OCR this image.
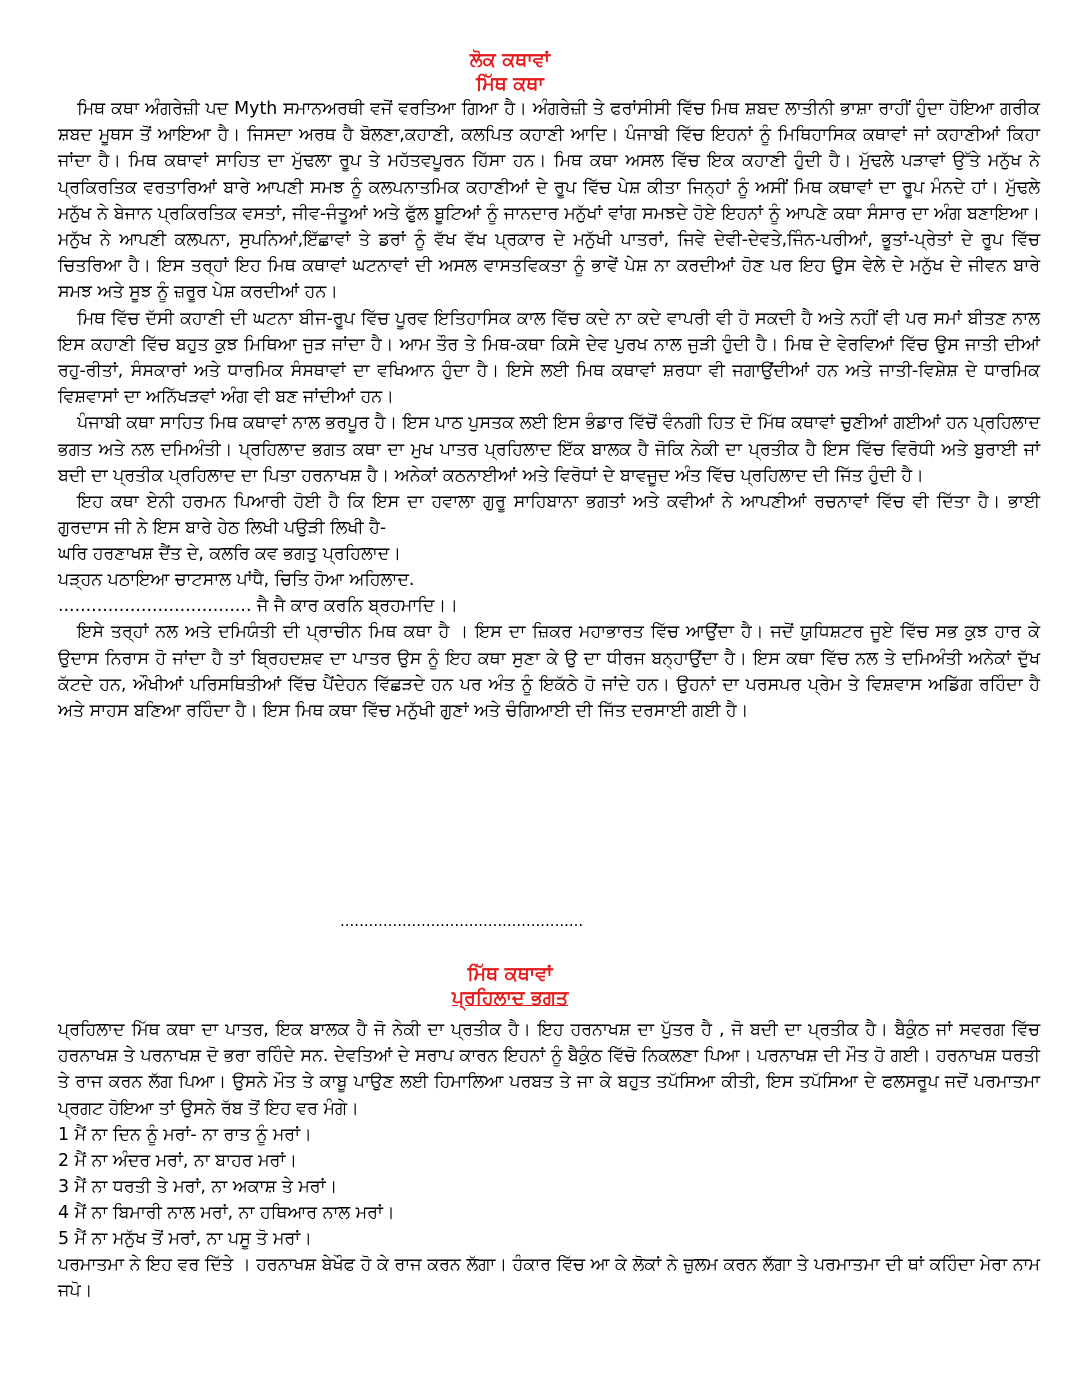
ਲੋਕ ਕਥਾਵਾਂ

ਮਿੱਥ ਕਥਾ

ਮਿਥ ਕਥਾ ਅੰਗਰੇਜ਼ੀ ਪਦ Myth ਸਮਾਨਅਰਥੀ ਵਜੋਂ ਵਰਤਿਆ ਗਿਆ ਹੈ। ਅੰਗਰੇਜ਼ੀ ਤੇ ਫਰਾਂਸੀਸੀ ਵਿੱਚ ਮਿਥ ਸ਼ਬਦ ਲਾਤੀਨੀ ਭਾਸ਼ਾ ਰਾਹੀਂ ਹੁੰਦਾ ਹੋਇਆ ਗਰੀਕ ਸ਼ਬਦ ਮੂਥਸ ਤੋਂ ਆਇਆ ਹੈ। ਜਿਸਦਾ ਅਰਥ ਹੈ ਬੋਲਣਾ,ਕਹਾਣੀ, ਕਲਪਿਤ ਕਹਾਣੀ ਆਦਿ। ਪੰਜਾਬੀ ਵਿੱਚ ਇਹਨਾਂ ਨੂੰ ਮਿਥਿਹਾਸਿਕ ਕਥਾਵਾਂ ਜਾਂ ਕਹਾਣੀਆਂ ਕਿਹਾ ਜਾਂਦਾ ਹੈ। ਮਿਥ ਕਥਾਵਾਂ ਸਾਹਿਤ ਦਾ ਮੁੱਢਲਾ ਰੂਪ ਤੇ ਮਹੱਤਵਪੂਰਨ ਹਿੱਸਾ ਹਨ। ਮਿਥ ਕਥਾ ਅਸਲ ਵਿੱਚ ਇਕ ਕਹਾਣੀ ਹੁੰਦੀ ਹੈ। ਮੁੱਢਲੇ ਪੜਾਵਾਂ ਉੱਤੇ ਮਨੁੱਖ ਨੇ ਪ੍ਰਕਿਰਤਿਕ ਵਰਤਾਰਿਆਂ ਬਾਰੇ ਆਪਣੀ ਸਮਝ ਨੂੰ ਕਲਪਨਾਤਮਿਕ ਕਹਾਣੀਆਂ ਦੇ ਰੂਪ ਵਿੱਚ ਪੇਸ਼ ਕੀਤਾ ਜਿਨ੍ਹਾਂ ਨੂੰ ਅਸੀਂ ਮਿਥ ਕਥਾਵਾਂ ਦਾ ਰੂਪ ਮੰਨਦੇ ਹਾਂ। ਮੁੱਢਲੇ ਮਨੁੱਖ ਨੇ ਬੇਜਾਨ ਪ੍ਰਕਿਰਤਿਕ ਵਸਤਾਂ, ਜੀਵ-ਜੰਤੂਆਂ ਅਤੇ ਫੁੱਲ ਬੂਟਿਆਂ ਨੂੰ ਜਾਨਦਾਰ ਮਨੁੱਖਾਂ ਵਾਂਗ ਸਮਝਦੇ ਹੋਏ ਇਹਨਾਂ ਨੂੰ ਆਪਣੇ ਕਥਾ ਸੰਸਾਰ ਦਾ ਅੰਗ ਬਣਾਇਆ। ਮਨੁੱਖ ਨੇ ਆਪਣੀ ਕਲਪਨਾ, ਸੁਪਨਿਆਂ,ਇੱਛਾਵਾਂ ਤੇ ਡਰਾਂ ਨੂੰ ਵੱਖ ਵੱਖ ਪ੍ਰਕਾਰ ਦੇ ਮਨੁੱਖੀ ਪਾਤਰਾਂ, ਜਿਵੇ ਦੇਵੀ-ਦੇਵਤੇ,ਜਿੰਨ-ਪਰੀਆਂ, ਭੂਤਾਂ-ਪ੍ਰੇਤਾਂ ਦੇ ਰੂਪ ਵਿੱਚ ਚਿਤਰਿਆ ਹੈ। ਇਸ ਤਰ੍ਹਾਂ ਇਹ ਮਿਥ ਕਥਾਵਾਂ ਘਟਨਾਵਾਂ ਦੀ ਅਸਲ ਵਾਸਤਵਿਕਤਾ ਨੂੰ ਭਾਵੇਂ ਪੇਸ਼ ਨਾ ਕਰਦੀਆਂ ਹੋਣ ਪਰ ਇਹ ਉਸ ਵੇਲੇ ਦੇ ਮਨੁੱਖ ਦੇ ਜੀਵਨ ਬਾਰੇ ਸਮਝ ਅਤੇ ਸੂਝ ਨੂੰ ਜ਼ਰੂਰ ਪੇਸ਼ ਕਰਦੀਆਂ ਹਨ।

ਮਿਥ ਵਿੱਚ ਦੱਸੀ ਕਹਾਣੀ ਦੀ ਘਟਨਾ ਬੀਜ-ਰੂਪ ਵਿੱਚ ਪੂਰਵ ਇਤਿਹਾਸਿਕ ਕਾਲ ਵਿੱਚ ਕਦੇ ਨਾ ਕਦੇ ਵਾਪਰੀ ਵੀ ਹੋ ਸਕਦੀ ਹੈ ਅਤੇ ਨਹੀਂ ਵੀ ਪਰ ਸਮਾਂ ਬੀਤਣ ਨਾਲ ਇਸ ਕਹਾਣੀ ਵਿੱਚ ਬਹੁਤ ਕੁਝ ਮਿਥਿਆ ਜੁੜ ਜਾਂਦਾ ਹੈ। ਆਮ ਤੌਰ ਤੇ ਮਿਥ-ਕਥਾ ਕਿਸੇ ਦੇਵ ਪੁਰਖ ਨਾਲ ਜੁੜੀ ਹੁੰਦੀ ਹੈ। ਮਿਥ ਦੇ ਵੇਰਵਿਆਂ ਵਿੱਚ ਉਸ ਜਾਤੀ ਦੀਆਂ ਰਹੁ-ਰੀਤਾਂ, ਸੰਸਕਾਰਾਂ ਅਤੇ ਧਾਰਮਿਕ ਸੰਸਥਾਵਾਂ ਦਾ ਵਖਿਆਨ ਹੁੰਦਾ ਹੈ। ਇਸੇ ਲਈ ਮਿਥ ਕਥਾਵਾਂ ਸ਼ਰਧਾ ਵੀ ਜਗਾਉਂਦੀਆਂ ਹਨ ਅਤੇ ਜਾਤੀ-ਵਿਸ਼ੇਸ਼ ਦੇ ਧਾਰਮਿਕ ਵਿਸ਼ਵਾਸਾਂ ਦਾ ਅਨਿੱਖੜਵਾਂ ਅੰਗ ਵੀ ਬਣ ਜਾਂਦੀਆਂ ਹਨ।

ਪੰਜਾਬੀ ਕਥਾ ਸਾਹਿਤ ਮਿਥ ਕਥਾਵਾਂ ਨਾਲ ਭਰਪੂਰ ਹੈ। ਇਸ ਪਾਠ ਪੁਸਤਕ ਲਈ ਇਸ ਭੰਡਾਰ ਵਿੱਚੋਂ ਵੰਨਗੀ ਹਿਤ ਦੋ ਮਿੱਥ ਕਥਾਵਾਂ ਚੁਣੀਆਂ ਗਈਆਂ ਹਨ ਪ੍ਰਹਿਲਾਦ ਭਗਤ ਅਤੇ ਨਲ ਦਮਿਅੰਤੀ। ਪ੍ਰਹਿਲਾਦ ਭਗਤ ਕਥਾ ਦਾ ਮੁਖ ਪਾਤਰ ਪ੍ਰਹਿਲਾਦ ਇੱਕ ਬਾਲਕ ਹੈ ਜੋਕਿ ਨੇਕੀ ਦਾ ਪ੍ਰਤੀਕ ਹੈ ਇਸ ਵਿੱਚ ਵਿਰੋਧੀ ਅਤੇ ਬੁਰਾਈ ਜਾਂ ਬਦੀ ਦਾ ਪ੍ਰਤੀਕ ਪ੍ਰਹਿਲਾਦ ਦਾ ਪਿਤਾ ਹਰਨਾਖਸ਼ ਹੈ। ਅਨੇਕਾਂ ਕਠਨਾਈਆਂ ਅਤੇ ਵਿਰੋਧਾਂ ਦੇ ਬਾਵਜੂਦ ਅੰਤ ਵਿੱਚ ਪ੍ਰਹਿਲਾਦ ਦੀ ਜਿੱਤ ਹੁੰਦੀ ਹੈ।

ਇਹ ਕਥਾ ਏਨੀ ਹਰਮਨ ਪਿਆਰੀ ਹੋਈ ਹੈ ਕਿ ਇਸ ਦਾ ਹਵਾਲਾ ਗੁਰੂ ਸਾਹਿਬਾਨਾ ਭਗਤਾਂ ਅਤੇ ਕਵੀਆਂ ਨੇ ਆਪਣੀਆਂ ਰਚਨਾਵਾਂ ਵਿੱਚ ਵੀ ਦਿੱਤਾ ਹੈ। ਭਾਈ ਗੁਰਦਾਸ ਜੀ ਨੇ ਇਸ ਬਾਰੇ ਹੇਠ ਲਿਖੀ ਪਉੜੀ ਲਿਖੀ ਹੈ-

ਘਰਿ ਹਰਣਾਖਸ਼ ਦੈਂਤ ਦੇ, ਕਲਰਿ ਕਵ ਭਗਤੁ ਪ੍ਰਹਿਲਾਦ।

ਪੜ੍ਹਨ ਪਠਾਇਆ ਚਾਟਸਾਲ ਪਾਂਧੈ, ਚਿਤਿ ਹੋਆ ਅਹਿਲਾਦ.

................................... ਜੈ ਜੈ ਕਾਰ ਕਰਨਿ ਬ੍ਰਹਮਾਦਿ।।

ਇਸੇ ਤਰ੍ਹਾਂ ਨਲ ਅਤੇ ਦਮਿਯੰਤੀ ਦੀ ਪ੍ਰਾਚੀਨ ਮਿਥ ਕਥਾ ਹੈ । ਇਸ ਦਾ ਜ਼ਿਕਰ ਮਹਾਭਾਰਤ ਵਿੱਚ ਆਉਂਦਾ ਹੈ। ਜਦੋਂ ਯੁਧਿਸ਼ਟਰ ਜੂਏ ਵਿੱਚ ਸਭ ਕੁਝ ਹਾਰ ਕੇ ਉਦਾਸ ਨਿਰਾਸ ਹੋ ਜਾਂਦਾ ਹੈ ਤਾਂ ਬ੍ਰਿਹਦਸ਼ਵ ਦਾ ਪਾਤਰ ਉਸ ਨੂੰ ਇਹ ਕਥਾ ਸੁਣਾ ਕੇ ਉ ਦਾ ਧੀਰਜ ਬਨ੍ਹਾਉਂਦਾ ਹੈ। ਇਸ ਕਥਾ ਵਿੱਚ ਨਲ ਤੇ ਦਮਿਅੰਤੀ ਅਨੇਕਾਂ ਦੁੱਖ ਕੱਟਦੇ ਹਨ, ਔਖੀਆਂ ਪਰਿਸਥਿਤੀਆਂ ਵਿੱਚ ਪੈਂਦੇਹਨ ਵਿੱਛੜਦੇ ਹਨ ਪਰ ਅੰਤ ਨੂੰ ਇਕੱਠੇ ਹੋ ਜਾਂਦੇ ਹਨ। ਉਹਨਾਂ ਦਾ ਪਰਸਪਰ ਪ੍ਰੇਮ ਤੇ ਵਿਸ਼ਵਾਸ ਅਡਿੱਗ ਰਹਿੰਦਾ ਹੈ ਅਤੇ ਸਾਹਸ ਬਣਿਆ ਰਹਿੰਦਾ ਹੈ। ਇਸ ਮਿਥ ਕਥਾ ਵਿੱਚ ਮਨੁੱਖੀ ਗੁਣਾਂ ਅਤੇ ਚੰਗਿਆਈ ਦੀ ਜਿੱਤ ਦਰਸਾਈ ਗਈ ਹੈ।

...................................................

ਮਿੱਥ ਕਥਾਵਾਂ

ਪ੍ਰਹਿਲਾਦ ਭਗਤ

ਪ੍ਰਹਿਲਾਦ ਮਿੱਥ ਕਥਾ ਦਾ ਪਾਤਰ, ਇਕ ਬਾਲਕ ਹੈ ਜੋ ਨੇਕੀ ਦਾ ਪ੍ਰਤੀਕ ਹੈ। ਇਹ ਹਰਨਾਖਸ਼ ਦਾ ਪੁੱਤਰ ਹੈ , ਜੋ ਬਦੀ ਦਾ ਪ੍ਰਤੀਕ ਹੈ। ਬੈਕੁੰਠ ਜਾਂ ਸਵਰਗ ਵਿੱਚ ਹਰਨਾਖਸ਼ ਤੇ ਪਰਨਾਖਸ਼ ਦੋ ਭਰਾ ਰਹਿੰਦੇ ਸਨ. ਦੇਵਤਿਆਂ ਦੇ ਸਰਾਪ ਕਾਰਨ ਇਹਨਾਂ ਨੂੰ ਬੈਕੁੰਠ ਵਿੱਚੋ ਨਿਕਲਣਾ ਪਿਆ। ਪਰਨਾਖਸ਼ ਦੀ ਮੌਤ ਹੋ ਗਈ। ਹਰਨਾਖਸ਼ ਧਰਤੀ ਤੇ ਰਾਜ ਕਰਨ ਲੱਗ ਪਿਆ। ਉਸਨੇ ਮੌਤ ਤੇ ਕਾਬੂ ਪਾਉਣ ਲਈ ਹਿਮਾਲਿਆ ਪਰਬਤ ਤੇ ਜਾ ਕੇ ਬਹੁਤ ਤਪੱਸਿਆ ਕੀਤੀ, ਇਸ ਤਪੱਸਿਆ ਦੇ ਫਲਸਰੂਪ ਜਦੋਂ ਪਰਮਾਤਮਾ ਪ੍ਰਗਟ ਹੋਇਆ ਤਾਂ ਉਸਨੇ ਰੱਬ ਤੋਂ ਇਹ ਵਰ ਮੰਗੇ।

1 ਮੈਂ ਨਾ ਦਿਨ ਨੂੰ ਮਰਾਂ- ਨਾ ਰਾਤ ਨੂੰ ਮਰਾਂ।

2 ਮੈਂ ਨਾ ਅੰਦਰ ਮਰਾਂ, ਨਾ ਬਾਹਰ ਮਰਾਂ।

3 ਮੈਂ ਨਾ ਧਰਤੀ ਤੇ ਮਰਾਂ, ਨਾ ਅਕਾਸ਼ ਤੇ ਮਰਾਂ।

4 ਮੈਂ ਨਾ ਬਿਮਾਰੀ ਨਾਲ ਮਰਾਂ, ਨਾ ਹਥਿਆਰ ਨਾਲ ਮਰਾਂ।

5 ਮੈਂ ਨਾ ਮਨੁੱਖ ਤੋਂ ਮਰਾਂ, ਨਾ ਪਸੂ ਤੋ ਮਰਾਂ।

ਪਰਮਾਤਮਾ ਨੇ ਇਹ ਵਰ ਦਿੱਤੇ । ਹਰਨਾਖਸ਼ ਬੇਖੌਫ ਹੋ ਕੇ ਰਾਜ ਕਰਨ ਲੱਗਾ। ਹੰਕਾਰ ਵਿੱਚ ਆ ਕੇ ਲੋਕਾਂ ਨੇ ਜ਼ੁਲਮ ਕਰਨ ਲੱਗਾ ਤੇ ਪਰਮਾਤਮਾ ਦੀ ਥਾਂ ਕਹਿੰਦਾ ਮੇਰਾ ਨਾਮ ਜਪੋ।
